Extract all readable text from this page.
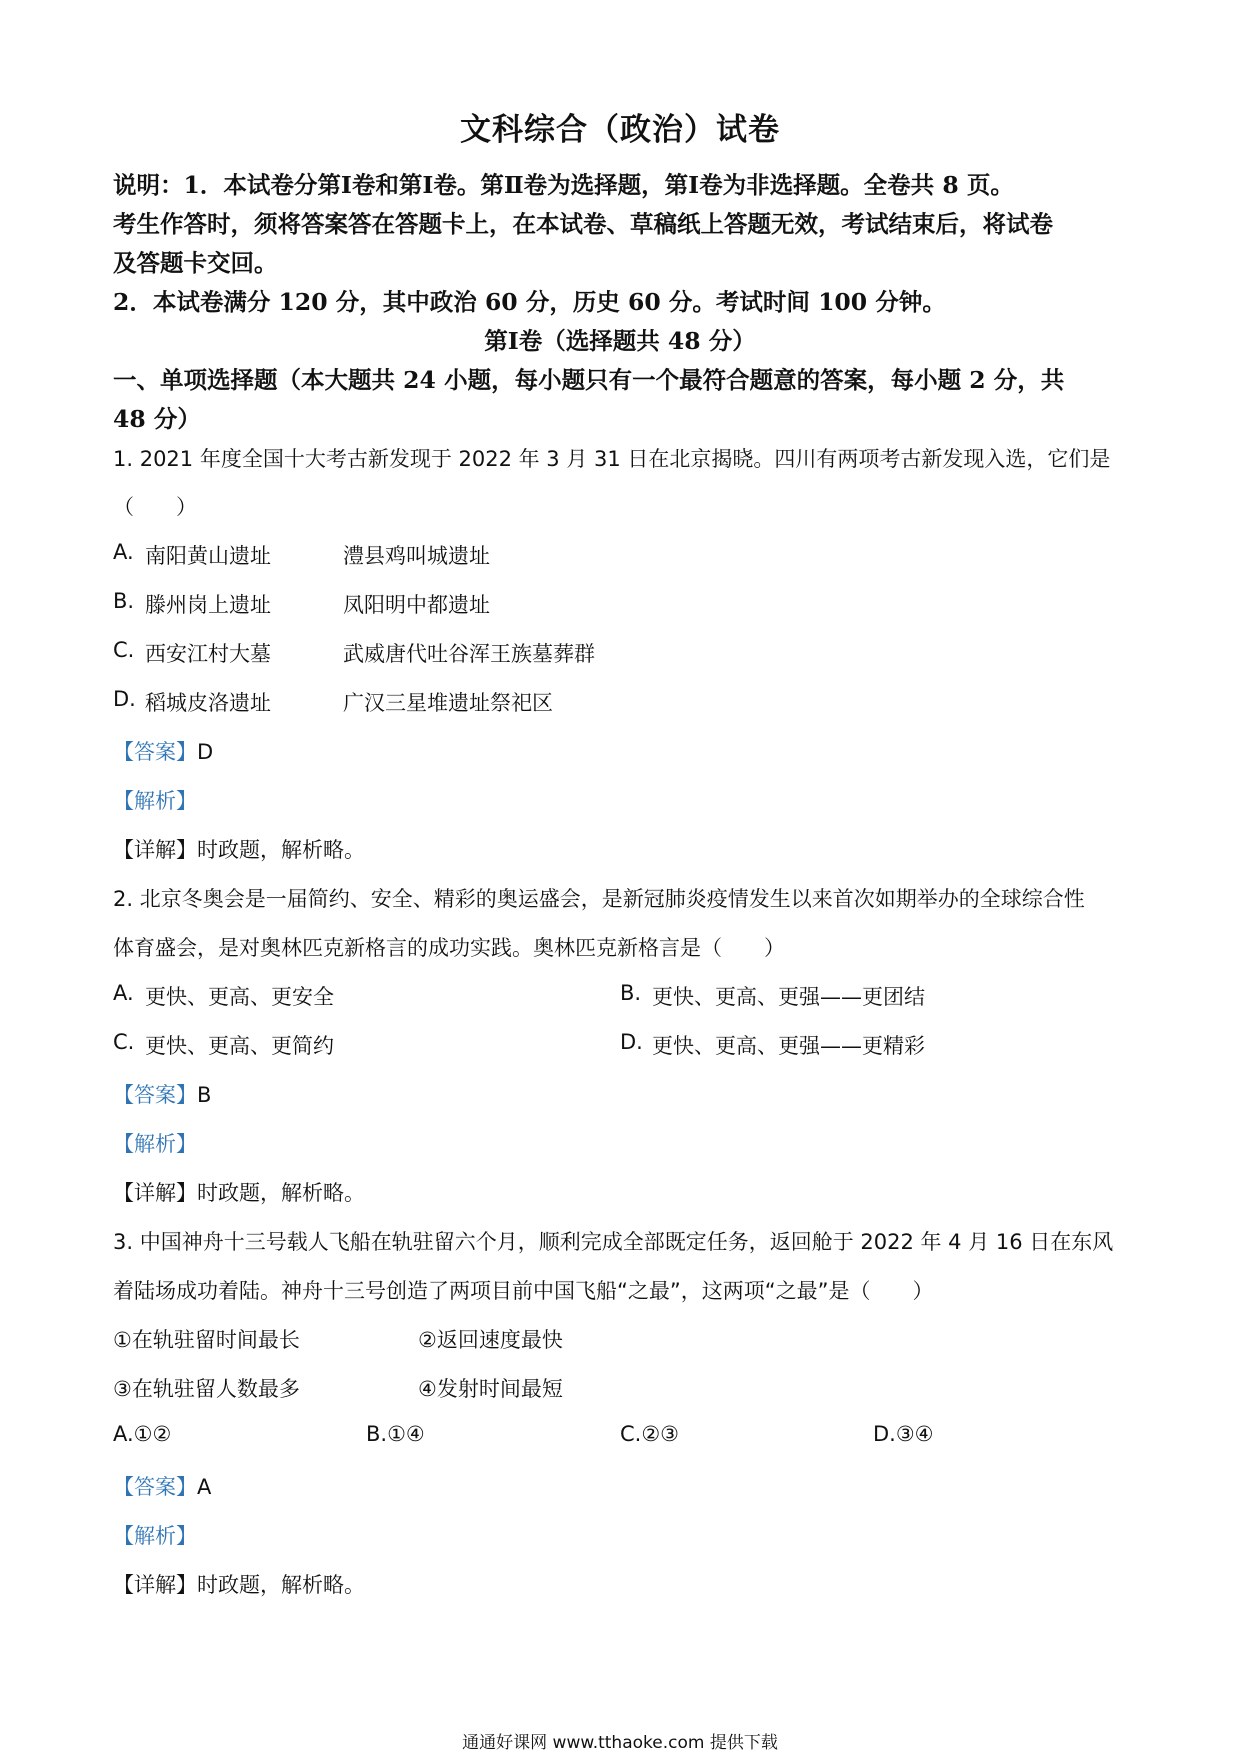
文科综合（政治）试卷
说明：1．本试卷分第Ⅰ卷和第Ⅰ卷。第Ⅱ卷为选择题，第Ⅰ卷为非选择题。全卷共 8 页。
考生作答时，须将答案答在答题卡上，在本试卷、草稿纸上答题无效，考试结束后，将试卷
及答题卡交回。
2．本试卷满分 120 分，其中政治 60 分，历史 60 分。考试时间 100 分钟。
第Ⅰ卷（选择题共 48 分）
一、单项选择题（本大题共 24 小题，每小题只有一个最符合题意的答案，每小题 2 分，共
48 分）
1. 2021 年度全国十大考古新发现于 2022 年 3 月 31 日在北京揭晓。四川有两项考古新发现入选，它们是
（　　）
A. 南阳黄山遗址	澧县鸡叫城遗址
B. 滕州岗上遗址	凤阳明中都遗址
C. 西安江村大墓	武威唐代吐谷浑王族墓葬群
D. 稻城皮洛遗址	广汉三星堆遗址祭祀区
【答案】D
【解析】
【详解】时政题，解析略。
2. 北京冬奥会是一届简约、安全、精彩的奥运盛会，是新冠肺炎疫情发生以来首次如期举办的全球综合性
体育盛会，是对奥林匹克新格言的成功实践。奥林匹克新格言是（　　）
A. 更快、更高、更安全	B. 更快、更高、更强——更团结
C. 更快、更高、更简约	D. 更快、更高、更强——更精彩
【答案】B
【解析】
【详解】时政题，解析略。
3. 中国神舟十三号载人飞船在轨驻留六个月，顺利完成全部既定任务，返回舱于 2022 年 4 月 16 日在东风
着陆场成功着陆。神舟十三号创造了两项目前中国飞船“之最”，这两项“之最”是（　　）
①在轨驻留时间最长	②返回速度最快
③在轨驻留人数最多	④发射时间最短
A.①②	B.①④	C.②③	D.③④
【答案】A
【解析】
【详解】时政题，解析略。
通通好课网 www.tthaoke.com 提供下载
